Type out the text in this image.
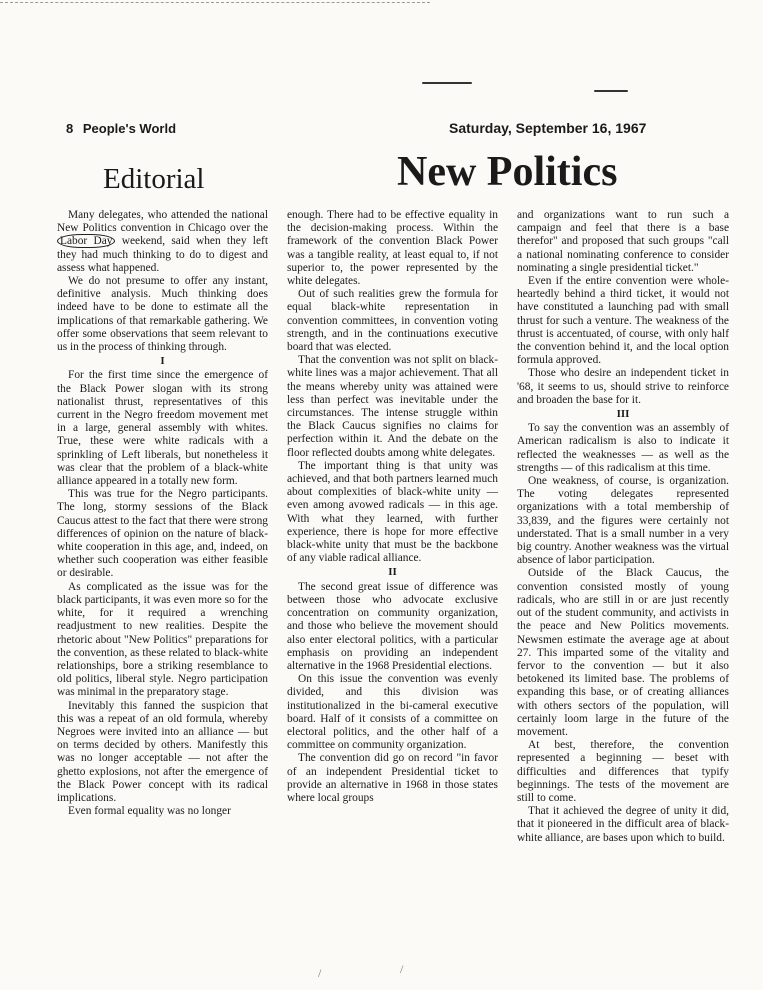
8 People's World	Saturday, September 16, 1967
Editorial	New Politics

Many delegates, who attended the national New Politics convention in Chicago over the Labor Day weekend, said when they left they had much thinking to do to digest and assess what happened.

We do not presume to offer any instant, definitive analysis. Much thinking does indeed have to be done to estimate all the implications of that remarkable gathering. We offer some observations that seem relevant to us in the process of thinking through.

I

For the first time since the emergence of the Black Power slogan with its strong nationalist thrust, representatives of this current in the Negro freedom movement met in a large, general assembly with whites. True, these were white radicals with a sprinkling of Left liberals, but nonetheless it was clear that the problem of a black-white alliance appeared in a totally new form.

This was true for the Negro participants. The long, stormy sessions of the Black Caucus attest to the fact that there were strong differences of opinion on the nature of black-white cooperation in this age, and, indeed, on whether such cooperation was either feasible or desirable.

As complicated as the issue was for the black participants, it was even more so for the white, for it required a wrenching readjustment to new realities. Despite the rhetoric about "New Politics" preparations for the convention, as these related to black-white relationships, bore a striking resemblance to old politics, liberal style. Negro participation was minimal in the preparatory stage.

Inevitably this fanned the suspicion that this was a repeat of an old formula, whereby Negroes were invited into an alliance — but on terms decided by others. Manifestly this was no longer acceptable — not after the ghetto explosions, not after the emergence of the Black Power concept with its radical implications.

Even formal equality was no longer

enough. There had to be effective equality in the decision-making process. Within the framework of the convention Black Power was a tangible reality, at least equal to, if not superior to, the power represented by the white delegates.

Out of such realities grew the formula for equal black-white representation in convention committees, in convention voting strength, and in the continuations executive board that was elected.

That the convention was not split on black-white lines was a major achievement. That all the means whereby unity was attained were less than perfect was inevitable under the circumstances. The intense struggle within the Black Caucus signifies no claims for perfection within it. And the debate on the floor reflected doubts among white delegates.

The important thing is that unity was achieved, and that both partners learned much about complexities of black-white unity — even among avowed radicals — in this age. With what they learned, with further experience, there is hope for more effective black-white unity that must be the backbone of any viable radical alliance.

II

The second great issue of difference was between those who advocate exclusive concentration on community organization, and those who believe the movement should also enter electoral politics, with a particular emphasis on providing an independent alternative in the 1968 Presidential elections.

On this issue the convention was evenly divided, and this division was institutionalized in the bi-cameral executive board. Half of it consists of a committee on electoral politics, and the other half of a committee on community organization.

The convention did go on record "in favor of an independent Presidential ticket to provide an alternative in 1968 in those states where local groups

and organizations want to run such a campaign and feel that there is a base therefor" and proposed that such groups "call a national nominating conference to consider nominating a single presidential ticket."

Even if the entire convention were whole-heartedly behind a third ticket, it would not have constituted a launching pad with small thrust for such a venture. The weakness of the thrust is accentuated, of course, with only half the convention behind it, and the local option formula approved.

Those who desire an independent ticket in '68, it seems to us, should strive to reinforce and broaden the base for it.

III

To say the convention was an assembly of American radicalism is also to indicate it reflected the weaknesses — as well as the strengths — of this radicalism at this time.

One weakness, of course, is organization. The voting delegates represented organizations with a total membership of 33,839, and the figures were certainly not understated. That is a small number in a very big country. Another weakness was the virtual absence of labor participation.

Outside of the Black Caucus, the convention consisted mostly of young radicals, who are still in or are just recently out of the student community, and activists in the peace and New Politics movements. Newsmen estimate the average age at about 27. This imparted some of the vitality and fervor to the convention — but it also betokened its limited base. The problems of expanding this base, or of creating alliances with others sectors of the population, will certainly loom large in the future of the movement.

At best, therefore, the convention represented a beginning — beset with difficulties and differences that typify beginnings. The tests of the movement are still to come.

That it achieved the degree of unity it did, that it pioneered in the difficult area of black-white alliance, are bases upon which to build.

/	/
